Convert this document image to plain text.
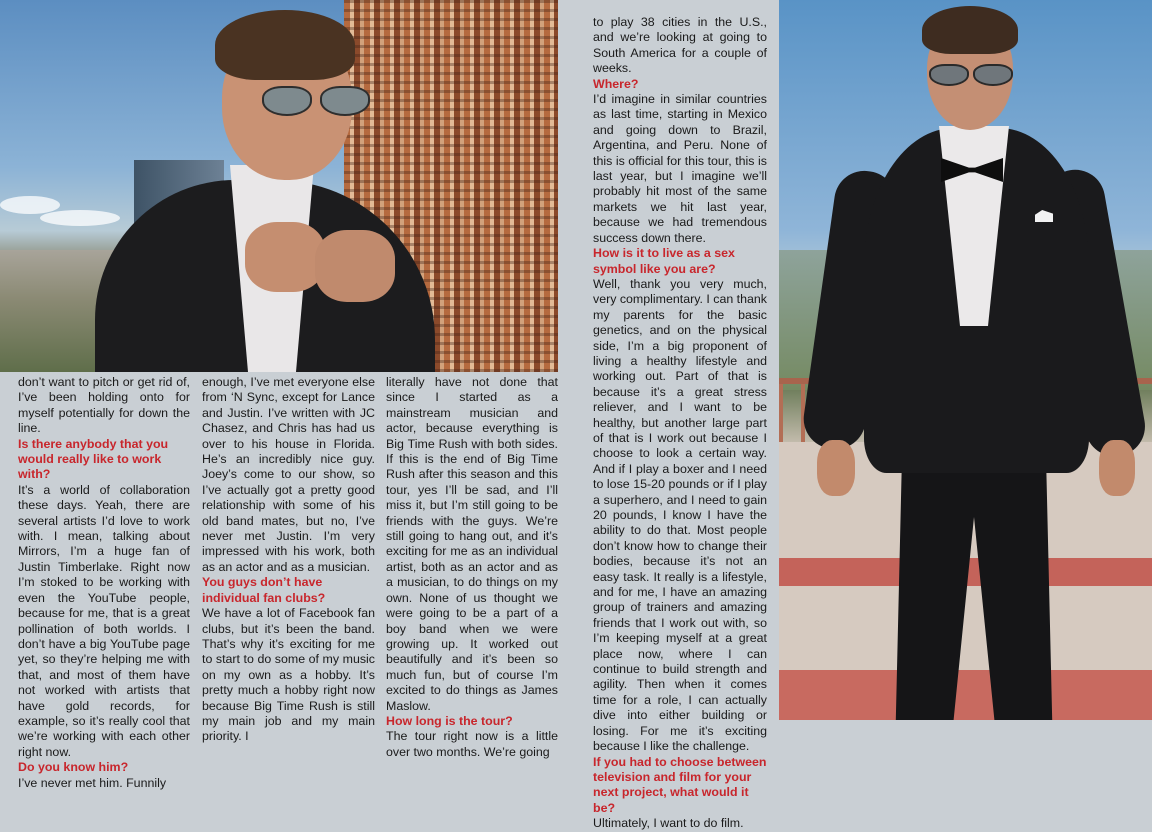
don’t want to pitch or get rid of, I’ve been holding onto for myself potentially for down the line.

Is there anybody that you would really like to work with?

It’s a world of collaboration these days. Yeah, there are several artists I’d love to work with. I mean, talking about Mirrors, I’m a huge fan of Justin Timberlake. Right now I’m stoked to be working with even the YouTube people, because for me, that is a great pollination of both worlds. I don’t have a big YouTube page yet, so they’re helping me with that, and most of them have not worked with artists that have gold records, for example, so it’s really cool that we’re working with each other right now.

Do you know him?

I’ve never met him. Funnily

enough, I’ve met everyone else from ‘N Sync, except for Lance and Justin. I’ve written with JC Chasez, and Chris has had us over to his house in Florida. He’s an incredibly nice guy. Joey’s come to our show, so I’ve actually got a pretty good relationship with some of his old band mates, but no, I’ve never met Justin. I’m very impressed with his work, both as an actor and as a musician.

You guys don’t have individual fan clubs?

We have a lot of Facebook fan clubs, but it’s been the band. That’s why it’s exciting for me to start to do some of my music on my own as a hobby. It’s pretty much a hobby right now because Big Time Rush is still my main job and my main priority. I

literally have not done that since I started as a mainstream musician and actor, because everything is Big Time Rush with both sides. If this is the end of Big Time Rush after this season and this tour, yes I’ll be sad, and I’ll miss it, but I’m still going to be friends with the guys. We’re still going to hang out, and it’s exciting for me as an individual artist, both as an actor and as a musician, to do things on my own. None of us thought we were going to be a part of a boy band when we were growing up. It worked out beautifully and it’s been so much fun, but of course I’m excited to do things as James Maslow.

How long is the tour?

The tour right now is a little over two months. We’re going

to play 38 cities in the U.S., and we’re looking at going to South America for a couple of weeks.

Where?

I’d imagine in similar countries as last time, starting in Mexico and going down to Brazil, Argentina, and Peru. None of this is official for this tour, this is last year, but I imagine we’ll probably hit most of the same markets we hit last year, because we had tremendous success down there.

How is it to live as a sex symbol like you are?

Well, thank you very much, very complimentary. I can thank my parents for the basic genetics, and on the physical side, I’m a big proponent of living a healthy lifestyle and working out. Part of that is because it’s a great stress reliever, and I want to be healthy, but another large part of that is I work out because I choose to look a certain way. And if I play a boxer and I need to lose 15-20 pounds or if I play a superhero, and I need to gain 20 pounds, I know I have the ability to do that. Most people don’t know how to change their bodies, because it’s not an easy task. It really is a lifestyle, and for me, I have an amazing group of trainers and amazing friends that I work out with, so I’m keeping myself at a great place now, where I can continue to build strength and agility. Then when it comes time for a role, I can actually dive into either building or losing. For me it’s exciting because I like the challenge.

If you had to choose between television and film for your next project, what would it be?

Ultimately, I want to do film.
